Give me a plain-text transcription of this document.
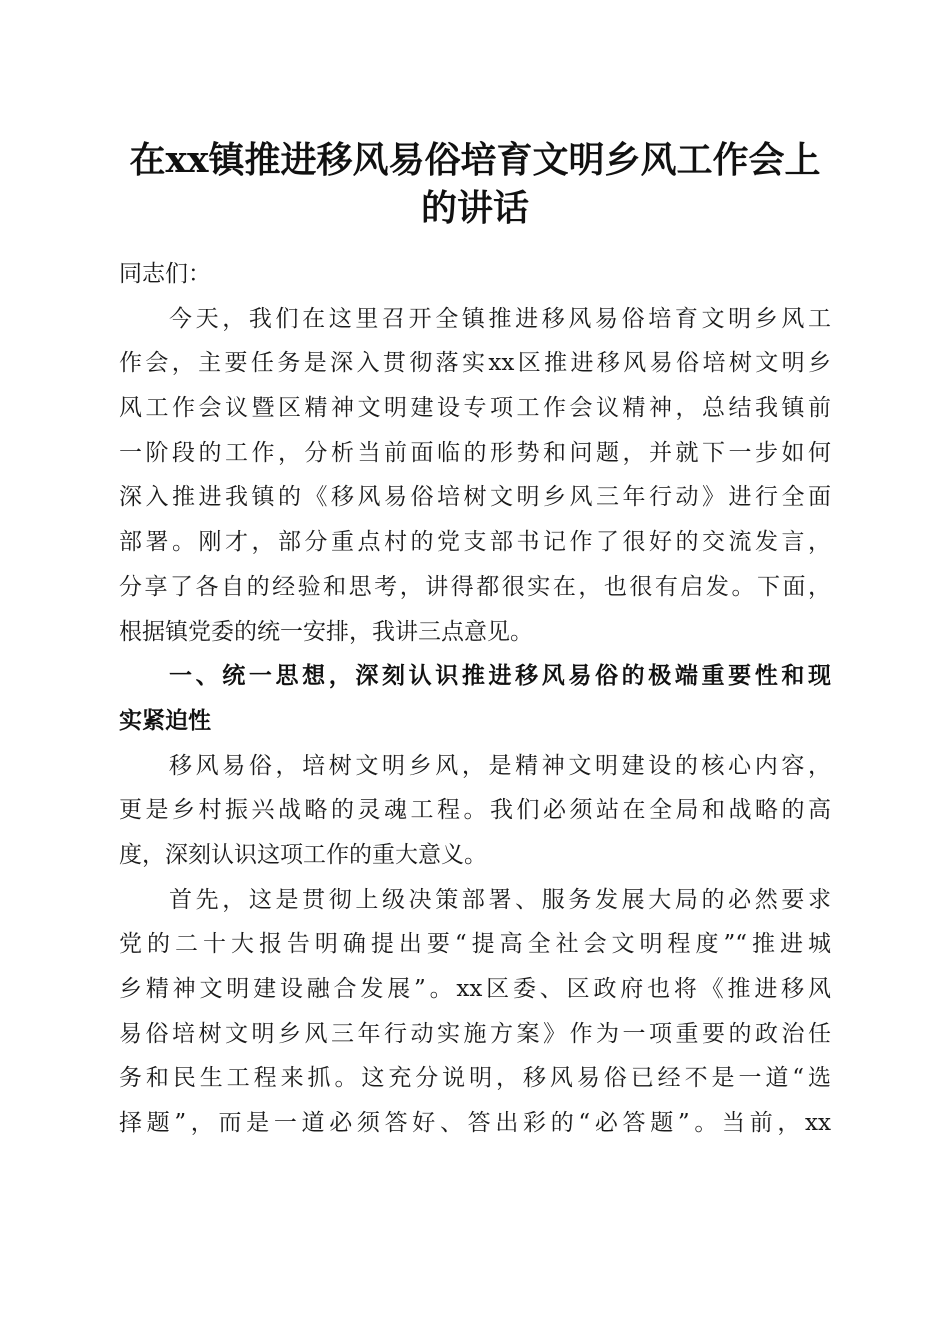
在xx镇推进移风易俗培育文明乡风工作会上
的讲话
同志们：
今天，我们在这里召开全镇推进移风易俗培育文明乡风工
作会，主要任务是深入贯彻落实xx区推进移风易俗培树文明乡
风工作会议暨区精神文明建设专项工作会议精神，总结我镇前
一阶段的工作，分析当前面临的形势和问题，并就下一步如何
深入推进我镇的《移风易俗培树文明乡风三年行动》进行全面
部署。刚才，部分重点村的党支部书记作了很好的交流发言，
分享了各自的经验和思考，讲得都很实在，也很有启发。下面，
根据镇党委的统一安排，我讲三点意见。
一、统一思想，深刻认识推进移风易俗的极端重要性和现
实紧迫性
移风易俗，培树文明乡风，是精神文明建设的核心内容，
更是乡村振兴战略的灵魂工程。我们必须站在全局和战略的高
度，深刻认识这项工作的重大意义。
首先，这是贯彻上级决策部署、服务发展大局的必然要求
党的二十大报告明确提出要“提高全社会文明程度”“推进城
乡精神文明建设融合发展”。xx区委、区政府也将《推进移风
易俗培树文明乡风三年行动实施方案》作为一项重要的政治任
务和民生工程来抓。这充分说明，移风易俗已经不是一道“选
择题”，而是一道必须答好、答出彩的“必答题”。当前，xx
